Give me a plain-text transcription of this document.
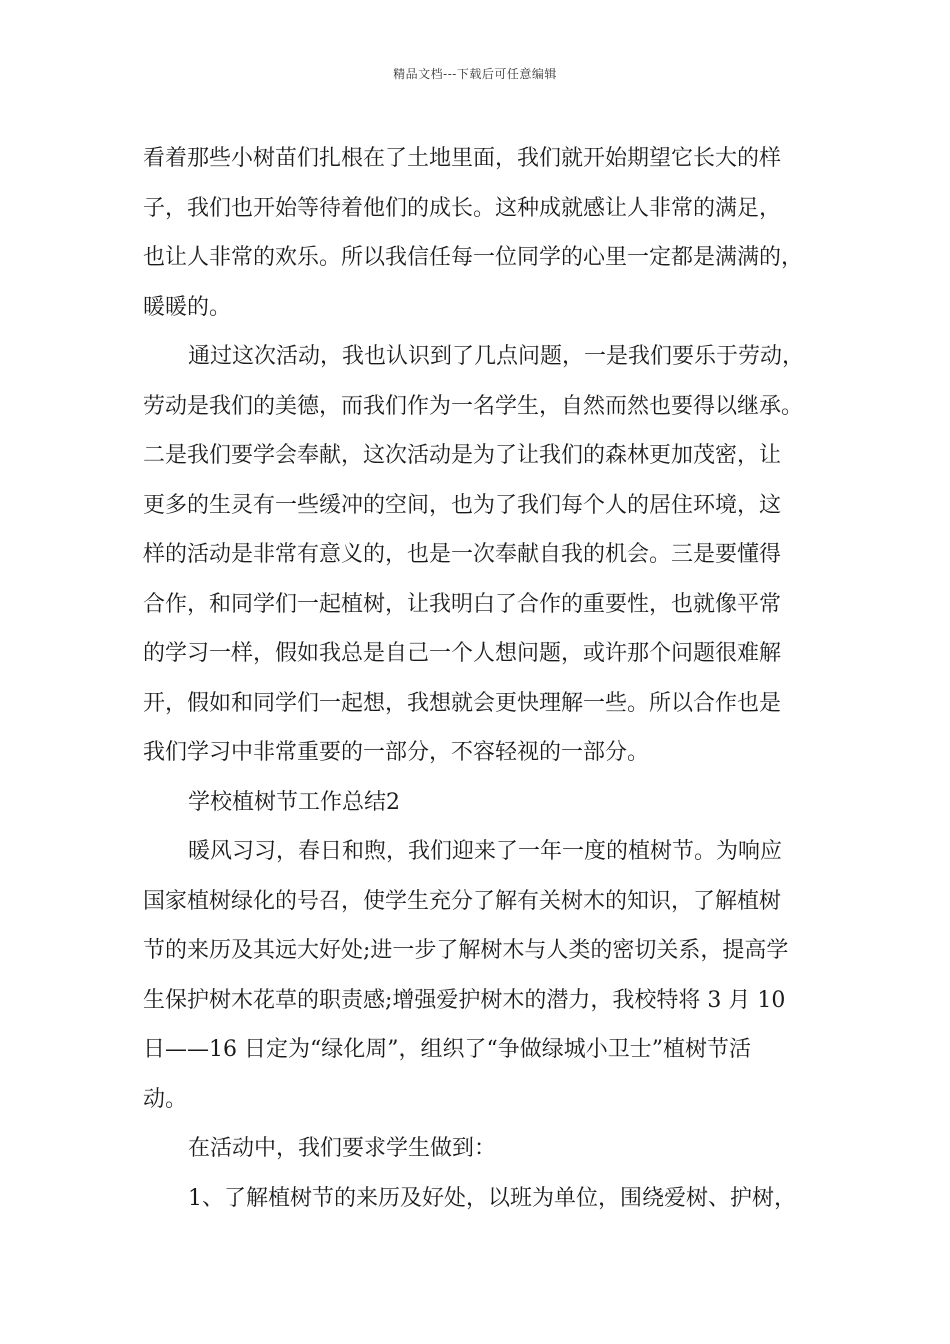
精品文档---下载后可任意编辑
看着那些小树苗们扎根在了土地里面，我们就开始期望它长大的样
子，我们也开始等待着他们的成长。这种成就感让人非常的满足，
也让人非常的欢乐。所以我信任每一位同学的心里一定都是满满的，
暖暖的。
通过这次活动，我也认识到了几点问题，一是我们要乐于劳动，
劳动是我们的美德，而我们作为一名学生，自然而然也要得以继承。
二是我们要学会奉献，这次活动是为了让我们的森林更加茂密，让
更多的生灵有一些缓冲的空间，也为了我们每个人的居住环境，这
样的活动是非常有意义的，也是一次奉献自我的机会。三是要懂得
合作，和同学们一起植树，让我明白了合作的重要性，也就像平常
的学习一样，假如我总是自己一个人想问题，或许那个问题很难解
开，假如和同学们一起想，我想就会更快理解一些。所以合作也是
我们学习中非常重要的一部分，不容轻视的一部分。
学校植树节工作总结2
暖风习习，春日和煦，我们迎来了一年一度的植树节。为响应
国家植树绿化的号召，使学生充分了解有关树木的知识，了解植树
节的来历及其远大好处;进一步了解树木与人类的密切关系，提高学
生保护树木花草的职责感;增强爱护树木的潜力，我校特将 3 月 10
日——16 日定为“绿化周”，组织了“争做绿城小卫士”植树节活
动。
在活动中，我们要求学生做到：
1、了解植树节的来历及好处，以班为单位，围绕爱树、护树，
